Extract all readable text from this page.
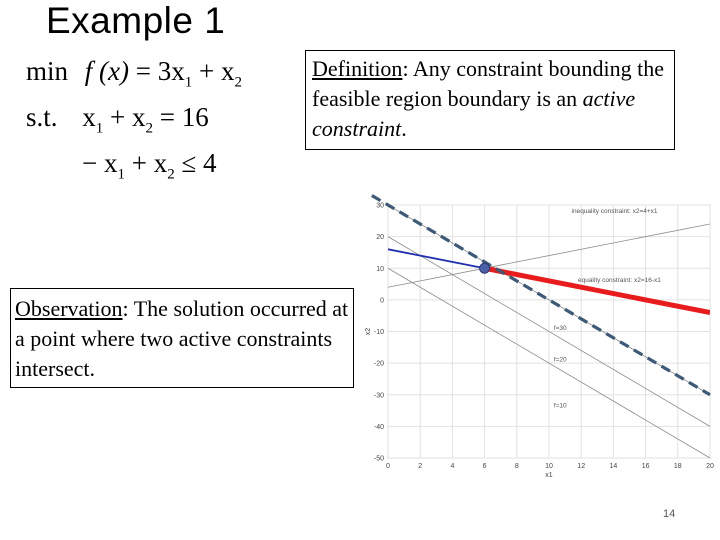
Example 1
min f $(x) = 3x_1 + x_2$
s.t. $x_1 + x_2 = 16$
− $x_1 + x_2 \le 4$
Definition: Any constraint bounding the feasible region boundary is an active constraint.
Observation: The solution occurred at a point where two active constraints intersect.
0	2	4	6	8	10	12	14	16	18	20
30
20
10
0
-10
-20
-30
-40
-50
inequality constraint: x2=4+x1
equality constraint: x2=16-x1
f=30
f=20
f=10
x1
x2
14
